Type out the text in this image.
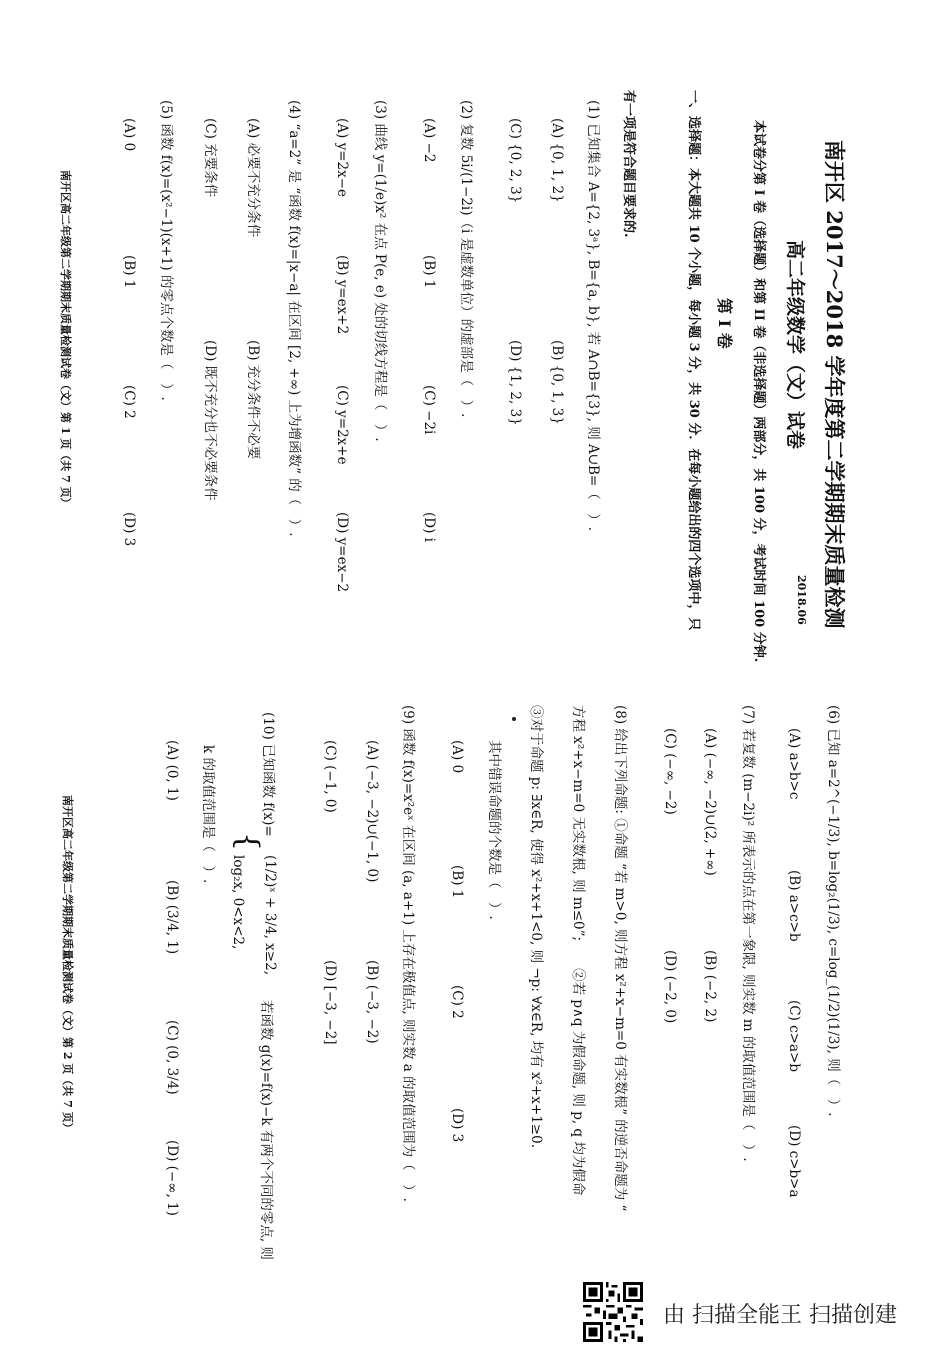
南开区 2017～2018 学年度第二学期期末质量检测
高二年级数学（文）试卷
2018.06
本试卷分第 I 卷（选择题）和第 II 卷（非选择题）两部分，共 100 分，考试时间 100 分钟.
第 I 卷
一、选择题：本大题共 10 个小题，每小题 3 分，共 30 分．在每小题给出的四个选项中，只
有一项是符合题目要求的.
(1) 已知集合 A={2, 3ᵃ}, B={a, b}, 若 A∩B={3}, 则 A∪B=（　）.
(A) {0, 1, 2}
(B) {0, 1, 3}
(C) {0, 2, 3}
(D) {1, 2, 3}
(2) 复数 5i/(1−2i)（i 是虚数单位）的虚部是（　）.
(A) −2
(B) 1
(C) −2i
(D) i
(3) 曲线 y=(1/e)x² 在点 P(e, e) 处的切线方程是（　）.
(A) y=2x−e
(B) y=ex+2
(C) y=2x+e
(D) y=ex−2
(4) “a=2” 是 “函数 f(x)=|x−a| 在区间 [2, +∞) 上为增函数” 的（　）.
(A) 必要不充分条件
(B) 充分条件不必要
(C) 充要条件
(D) 既不充分也不必要条件
(5) 函数 f(x)=(x²−1)(x+1) 的零点个数是（　）.
(A) 0
(B) 1
(C) 2
(D) 3
南开区高二年级第二学期期末质量检测试卷（文）第 1 页（共 7 页）
(6) 已知 a=2^(−1/3), b=log₂(1/3), c=log_(1/2)(1/3), 则（　）.
(A) a>b>c
(B) a>c>b
(C) c>a>b
(D) c>b>a
(7) 若复数 (m−2i)² 所表示的点在第一象限, 则实数 m 的取值范围是（　）.
(A) (−∞, −2)∪(2, +∞)
(B) (−2, 2)
(C) (−∞, −2)
(D) (−2, 0)
(8) 给出下列命题: ①命题 “若 m>0, 则方程 x²+x−m=0 有实数根” 的逆否命题为 “
方程 x²+x−m=0 无实数根, 则 m≤0”;　　②若 p∧q 为假命题, 则 p, q 均为假命
③对于命题 p: ∃x∈R, 使得 x²+x+1<0, 则 ¬p: ∀x∈R, 均有 x²+x+1≥0.
其中错误命题的个数是（　）.
(A) 0
(B) 1
(C) 2
(D) 3
(9) 函数 f(x)=x²eˣ 在区间 (a, a+1) 上存在极值点, 则实数 a 的取值范围为（　）.
(A) (−3, −2)∪(−1, 0)
(B) (−3, −2)
(C) (−1, 0)
(D) [−3, −2]
(10) 已知函数 f(x)=
{
(1/2)ˣ + 3/4, x≥2,
log₂x, 0<x<2,
若函数 g(x)=f(x)−k 有两个不同的零点, 则
k 的取值范围是（　）.
(A) (0, 1)
(B) (3/4, 1)
(C) (0, 3/4)
(D) (−∞, 1)
南开区高二年级第二学期期末质量检测试卷（文）第 2 页（共 7 页）
由 扫描全能王 扫描创建
